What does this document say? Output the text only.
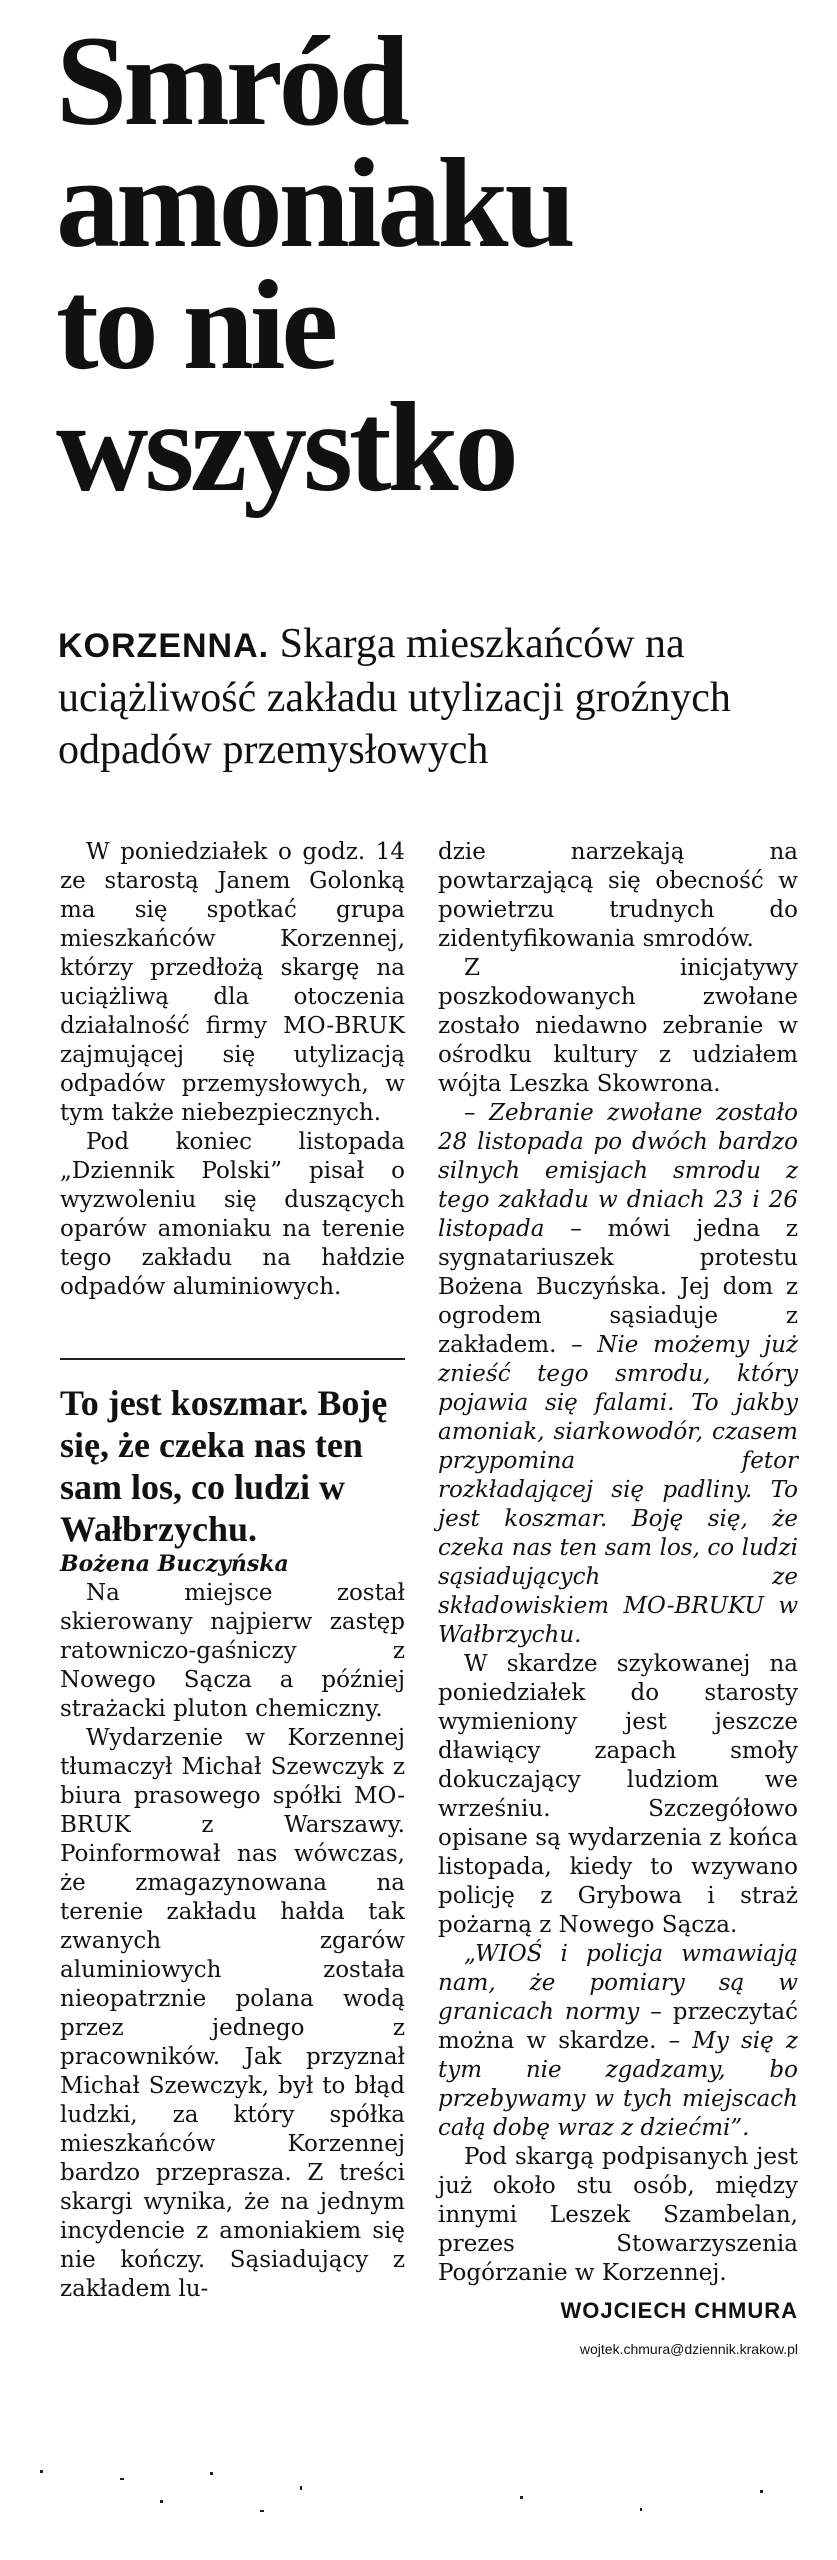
Smród
amoniaku
to nie
wszystko

KORZENNA. Skarga mieszkańców na uciążliwość zakładu utylizacji groźnych odpadów przemysłowych

W poniedziałek o godz. 14 ze starostą Janem Golonką ma się spotkać grupa mieszkańców Korzennej, którzy przedłożą skargę na uciążliwą dla otoczenia działalność firmy MO-BRUK zajmującej się utylizacją odpadów przemysłowych, w tym także niebezpiecznych.

Pod koniec listopada „Dziennik Polski” pisał o wyzwoleniu się duszących oparów amoniaku na terenie tego zakładu na hałdzie odpadów aluminiowych.

To jest koszmar. Boję się, że czeka nas ten sam los, co ludzi w Wałbrzychu.

Bożena Buczyńska

Na miejsce został skierowany najpierw zastęp ratowniczo-gaśniczy z Nowego Sącza a później strażacki pluton chemiczny.

Wydarzenie w Korzennej tłumaczył Michał Szewczyk z biura prasowego spółki MO-BRUK z Warszawy. Poinformował nas wówczas, że zmagazynowana na terenie zakładu hałda tak zwanych zgarów aluminiowych została nieopatrznie polana wodą przez jednego z pracowników. Jak przyznał Michał Szewczyk, był to błąd ludzki, za który spółka mieszkańców Korzennej bardzo przeprasza. Z treści skargi wynika, że na jednym incydencie z amoniakiem się nie kończy. Sąsiadujący z zakładem lu-

dzie narzekają na powtarzającą się obecność w powietrzu trudnych do zidentyfikowania smrodów.

Z inicjatywy poszkodowanych zwołane zostało niedawno zebranie w ośrodku kultury z udziałem wójta Leszka Skowrona.

– Zebranie zwołane zostało 28 listopada po dwóch bardzo silnych emisjach smrodu z tego zakładu w dniach 23 i 26 listopada – mówi jedna z sygnatariuszek protestu Bożena Buczyńska. Jej dom z ogrodem sąsiaduje z zakładem. – Nie możemy już znieść tego smrodu, który pojawia się falami. To jakby amoniak, siarkowodór, czasem przypomina fetor rozkładającej się padliny. To jest koszmar. Boję się, że czeka nas ten sam los, co ludzi sąsiadujących ze składowiskiem MO-BRUKU w Wałbrzychu.

W skardze szykowanej na poniedziałek do starosty wymieniony jest jeszcze dławiący zapach smoły dokuczający ludziom we wrześniu. Szczegółowo opisane są wydarzenia z końca listopada, kiedy to wzywano policję z Grybowa i straż pożarną z Nowego Sącza.

„WIOŚ i policja wmawiają nam, że pomiary są w granicach normy – przeczytać można w skardze. – My się z tym nie zgadzamy, bo przebywamy w tych miejscach całą dobę wraz z dziećmi”.

Pod skargą podpisanych jest już około stu osób, między innymi Leszek Szambelan, prezes Stowarzyszenia Pogórzanie w Korzennej.

WOJCIECH CHMURA
wojtek.chmura@dziennik.krakow.pl
